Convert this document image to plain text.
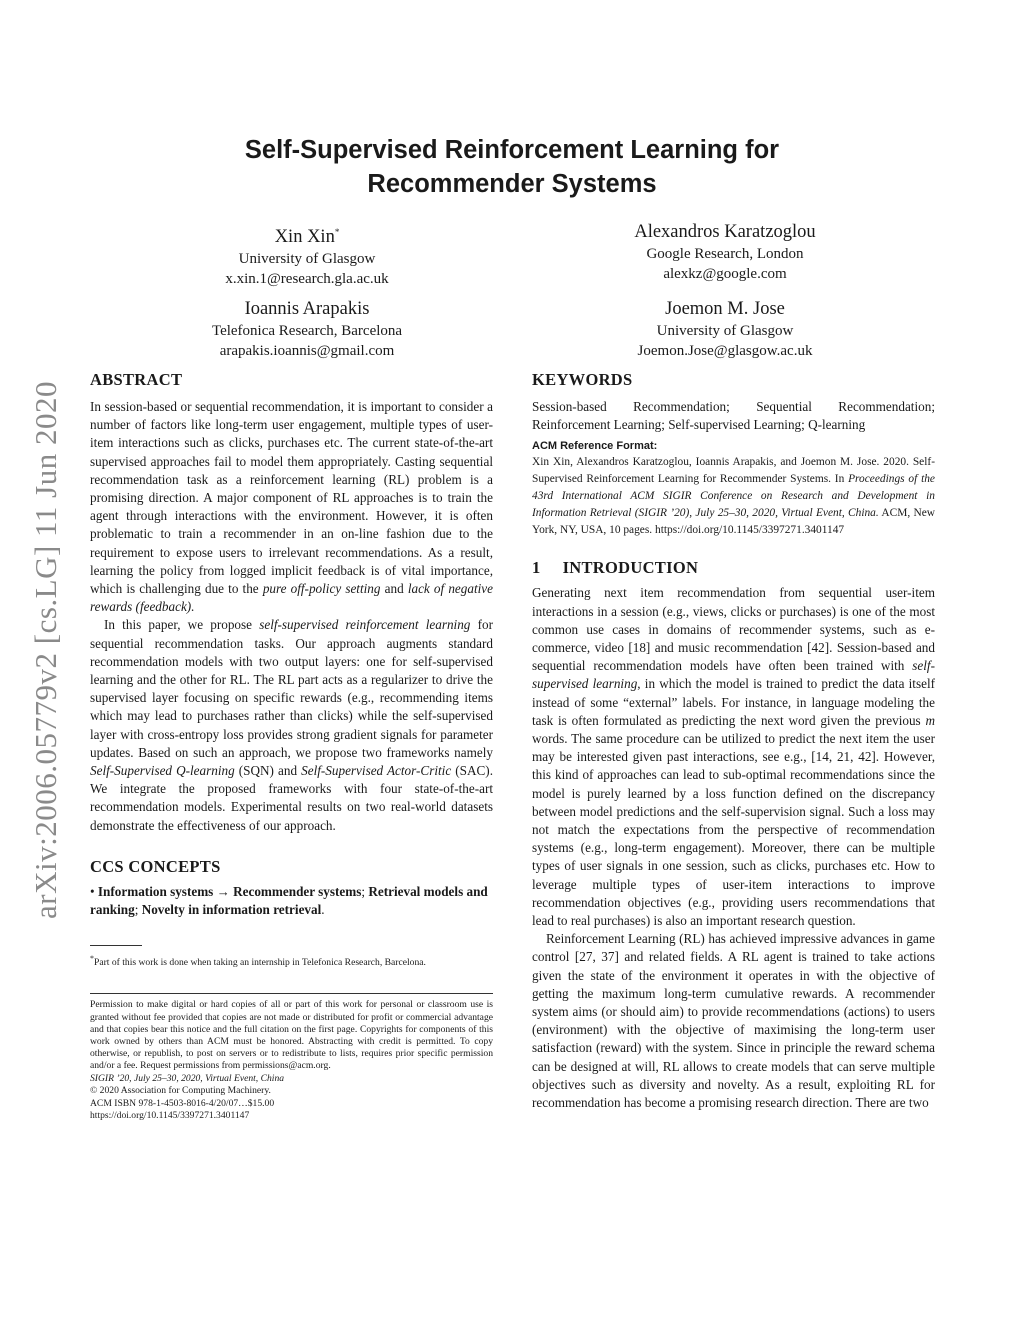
arXiv:2006.05779v2 [cs.LG] 11 Jun 2020
Self-Supervised Reinforcement Learning for
Recommender Systems
Xin Xin*
University of Glasgow
x.xin.1@research.gla.ac.uk
Alexandros Karatzoglou
Google Research, London
alexkz@google.com
Ioannis Arapakis
Telefonica Research, Barcelona
arapakis.ioannis@gmail.com
Joemon M. Jose
University of Glasgow
Joemon.Jose@glasgow.ac.uk
ABSTRACT

In session-based or sequential recommendation, it is important to consider a number of factors like long-term user engagement, multiple types of user-item interactions such as clicks, purchases etc. The current state-of-the-art supervised approaches fail to model them appropriately. Casting sequential recommendation task as a reinforcement learning (RL) problem is a promising direction. A major component of RL approaches is to train the agent through interactions with the environment. However, it is often problematic to train a recommender in an on-line fashion due to the requirement to expose users to irrelevant recommendations. As a result, learning the policy from logged implicit feedback is of vital importance, which is challenging due to the pure off-policy setting and lack of negative rewards (feedback).

In this paper, we propose self-supervised reinforcement learning for sequential recommendation tasks. Our approach augments standard recommendation models with two output layers: one for self-supervised learning and the other for RL. The RL part acts as a regularizer to drive the supervised layer focusing on specific rewards (e.g., recommending items which may lead to purchases rather than clicks) while the self-supervised layer with cross-entropy loss provides strong gradient signals for parameter updates. Based on such an approach, we propose two frameworks namely Self-Supervised Q-learning (SQN) and Self-Supervised Actor-Critic (SAC). We integrate the proposed frameworks with four state-of-the-art recommendation models. Experimental results on two real-world datasets demonstrate the effectiveness of our approach.

CCS CONCEPTS

• Information systems → Recommender systems; Retrieval models and ranking; Novelty in information retrieval.

*Part of this work is done when taking an internship in Telefonica Research, Barcelona.
Permission to make digital or hard copies of all or part of this work for personal or classroom use is granted without fee provided that copies are not made or distributed for profit or commercial advantage and that copies bear this notice and the full citation on the first page. Copyrights for components of this work owned by others than ACM must be honored. Abstracting with credit is permitted. To copy otherwise, or republish, to post on servers or to redistribute to lists, requires prior specific permission and/or a fee. Request permissions from permissions@acm.org.
SIGIR ’20, July 25–30, 2020, Virtual Event, China
© 2020 Association for Computing Machinery.
ACM ISBN 978-1-4503-8016-4/20/07…$15.00
https://doi.org/10.1145/3397271.3401147
KEYWORDS

Session-based Recommendation; Sequential Recommendation; Reinforcement Learning; Self-supervised Learning; Q-learning

ACM Reference Format:
Xin Xin, Alexandros Karatzoglou, Ioannis Arapakis, and Joemon M. Jose. 2020. Self-Supervised Reinforcement Learning for Recommender Systems. In Proceedings of the 43rd International ACM SIGIR Conference on Research and Development in Information Retrieval (SIGIR ’20), July 25–30, 2020, Virtual Event, China. ACM, New York, NY, USA, 10 pages. https://doi.org/10.1145/3397271.3401147
1 INTRODUCTION

Generating next item recommendation from sequential user-item interactions in a session (e.g., views, clicks or purchases) is one of the most common use cases in domains of recommender systems, such as e-commerce, video [18] and music recommendation [42]. Session-based and sequential recommendation models have often been trained with self-supervised learning, in which the model is trained to predict the data itself instead of some “external” labels. For instance, in language modeling the task is often formulated as predicting the next word given the previous m words. The same procedure can be utilized to predict the next item the user may be interested given past interactions, see e.g., [14, 21, 42]. However, this kind of approaches can lead to sub-optimal recommendations since the model is purely learned by a loss function defined on the discrepancy between model predictions and the self-supervision signal. Such a loss may not match the expectations from the perspective of recommendation systems (e.g., long-term engagement). Moreover, there can be multiple types of user signals in one session, such as clicks, purchases etc. How to leverage multiple types of user-item interactions to improve recommendation objectives (e.g., providing users recommendations that lead to real purchases) is also an important research question.

Reinforcement Learning (RL) has achieved impressive advances in game control [27, 37] and related fields. A RL agent is trained to take actions given the state of the environment it operates in with the objective of getting the maximum long-term cumulative rewards. A recommender system aims (or should aim) to provide recommendations (actions) to users (environment) with the objective of maximising the long-term user satisfaction (reward) with the system. Since in principle the reward schema can be designed at will, RL allows to create models that can serve multiple objectives such as diversity and novelty. As a result, exploiting RL for recommendation has become a promising research direction. There are two
